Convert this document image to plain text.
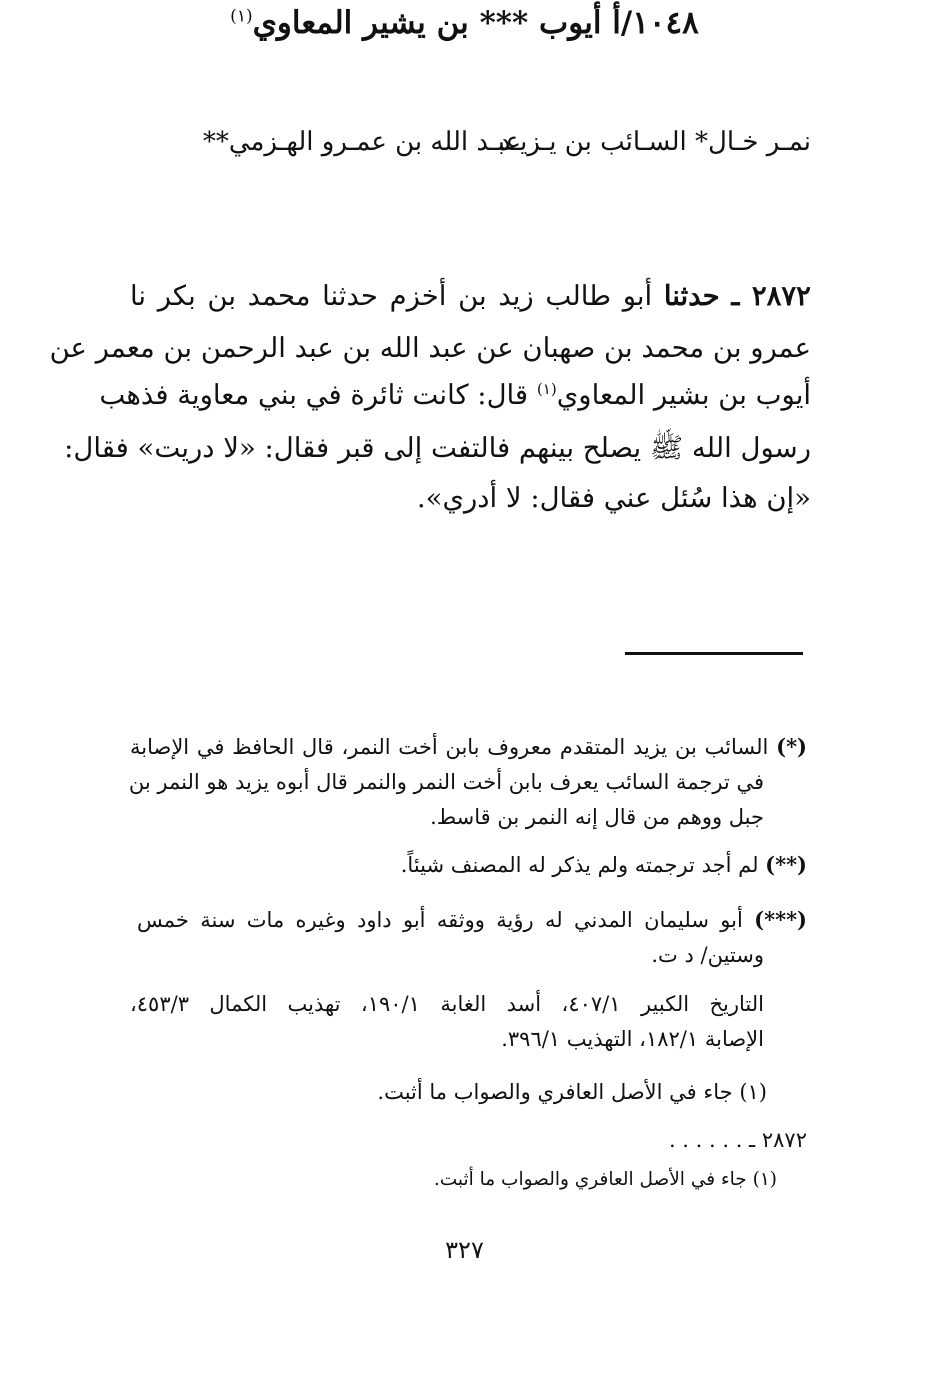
نمـر خـال* السـائب بن يـزيـد
عبـد الله بن عمـرو الهـزمي**
١٠٤٨/أ أيوب *** بن يشير المعاوي$^{(١)}$
٢٨٧٢ ـ حدثنا أبو طالب زيد بن أخزم حدثنا محمد بن بكر نا
عمرو بن محمد بن صهبان عن عبد الله بن عبد الرحمن بن معمر عن
أيوب بن بشير المعاوي$^{(١)}$ قال: كانت ثائرة في بني معاوية فذهب
رسول الله ﷺ يصلح بينهم فالتفت إلى قبر فقال: «لا دريت» فقال:
«إن هذا سُئل عني فقال: لا أدري».
(*) السائب بن يزيد المتقدم معروف بابن أخت النمر، قال الحافظ في الإصابة
في ترجمة السائب يعرف بابن أخت النمر والنمر قال أبوه يزيد هو النمر بن
جبل ووهم من قال إنه النمر بن قاسط.
(**) لم أجد ترجمته ولم يذكر له المصنف شيئاً.
(***) أبو سليمان المدني له رؤية ووثقه أبو داود وغيره مات سنة خمس
وستين/ د ت.
التاريخ الكبير ٤٠٧/١، أسد الغابة ١٩٠/١، تهذيب الكمال ٤٥٣/٣،
الإصابة ١٨٢/١، التهذيب ٣٩٦/١.
(١) جاء في الأصل العافري والصواب ما أثبت.
٢٨٧٢ ـ . . . . . .
(١) جاء في الأصل العافري والصواب ما أثبت.
٣٢٧
